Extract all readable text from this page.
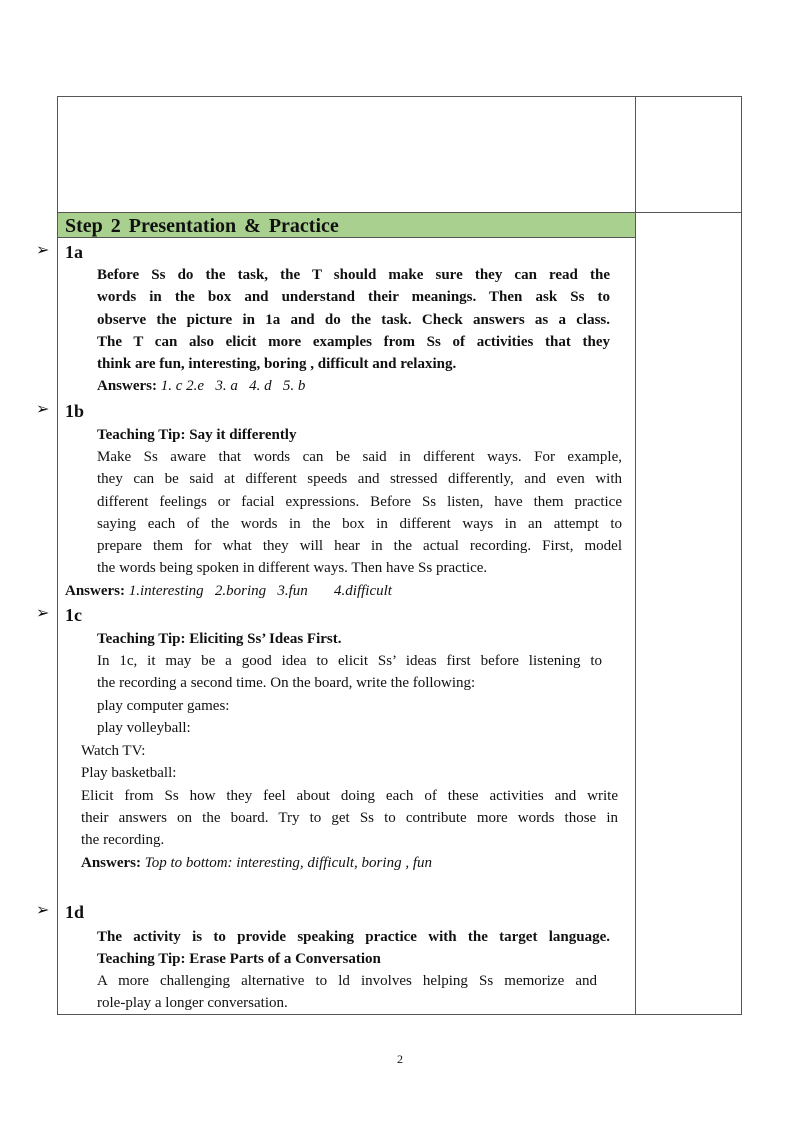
Step 2 Presentation & Practice
➢ 1a
Before Ss do the task, the T should make sure they can read the
words in the box and understand their meanings. Then ask Ss to
observe the picture in 1a and do the task. Check answers as a class.
The T can also elicit more examples from Ss of activities that they
think are fun, interesting, boring , difficult and relaxing.
Answers: 1. c 2.e   3. a   4. d   5. b
➢ 1b
Teaching Tip: Say it differently
Make Ss aware that words can be said in different ways. For example,
they can be said at different speeds and stressed differently, and even with
different feelings or facial expressions. Before Ss listen, have them practice
saying each of the words in the box in different ways in an attempt to
prepare them for what they will hear in the actual recording. First, model
the words being spoken in different ways. Then have Ss practice.
Answers: 1.interesting   2.boring   3.fun       4.difficult
➢ 1c
Teaching Tip: Eliciting Ss’ Ideas First.
In 1c, it may be a good idea to elicit Ss’ ideas first before listening to
the recording a second time. On the board, write the following:
play computer games:
play volleyball:
Watch TV:
Play basketball:
Elicit from Ss how they feel about doing each of these activities and write
their answers on the board. Try to get Ss to contribute more words those in
the recording.
Answers: Top to bottom: interesting, difficult, boring , fun
➢ 1d
The activity is to provide speaking practice with the target language.
Teaching Tip: Erase Parts of a Conversation
A more challenging alternative to ld involves helping Ss memorize and
role-play a longer conversation.
2
